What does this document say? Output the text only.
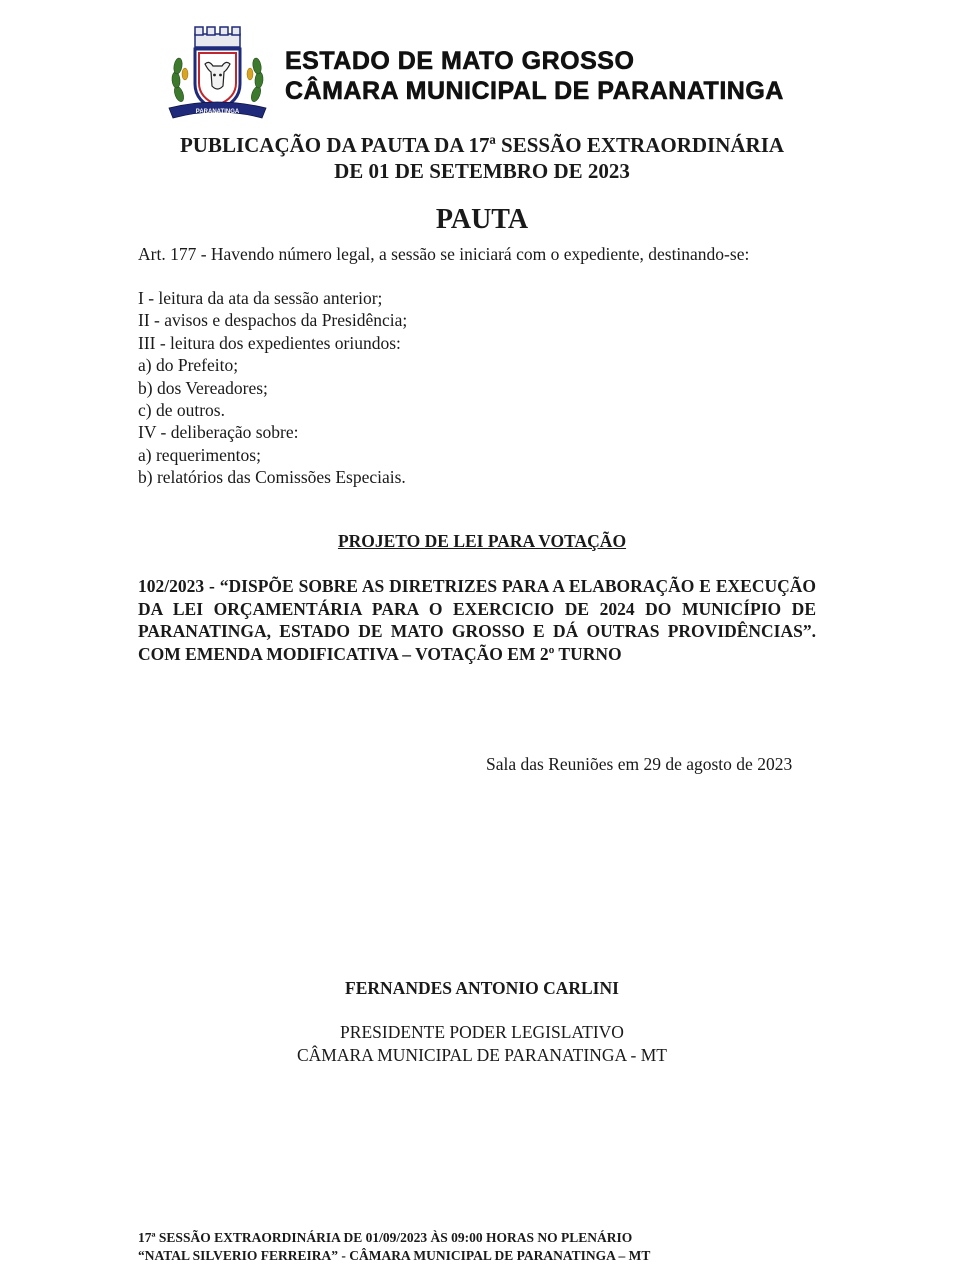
PARANATINGA
ESTADO DE MATO GROSSO
CÂMARA MUNICIPAL DE PARANATINGA
PUBLICAÇÃO DA PAUTA DA 17ª SESSÃO EXTRAORDINÁRIA
DE 01 DE SETEMBRO DE 2023
PAUTA
Art. 177 - Havendo número legal, a sessão se iniciará com o expediente, destinando-se:
I - leitura da ata da sessão anterior;
II - avisos e despachos da Presidência;
III - leitura dos expedientes oriundos:
a) do Prefeito;
b) dos Vereadores;
c) de outros.
IV - deliberação sobre:
a) requerimentos;
b) relatórios das Comissões Especiais.
PROJETO DE LEI PARA VOTAÇÃO
102/2023 - “DISPÕE SOBRE AS DIRETRIZES PARA A ELABORAÇÃO E EXECUÇÃO DA LEI ORÇAMENTÁRIA PARA O EXERCICIO DE 2024 DO MUNICÍPIO DE PARANATINGA, ESTADO DE MATO GROSSO E DÁ OUTRAS PROVIDÊNCIAS”. COM EMENDA MODIFICATIVA – VOTAÇÃO EM 2º TURNO
Sala das Reuniões em 29 de agosto de 2023
FERNANDES ANTONIO CARLINI
PRESIDENTE PODER LEGISLATIVO
CÂMARA MUNICIPAL DE PARANATINGA - MT
17ª SESSÃO EXTRAORDINÁRIA DE 01/09/2023 ÀS 09:00 HORAS NO PLENÁRIO
“NATAL SILVERIO FERREIRA” - CÂMARA MUNICIPAL DE PARANATINGA – MT
